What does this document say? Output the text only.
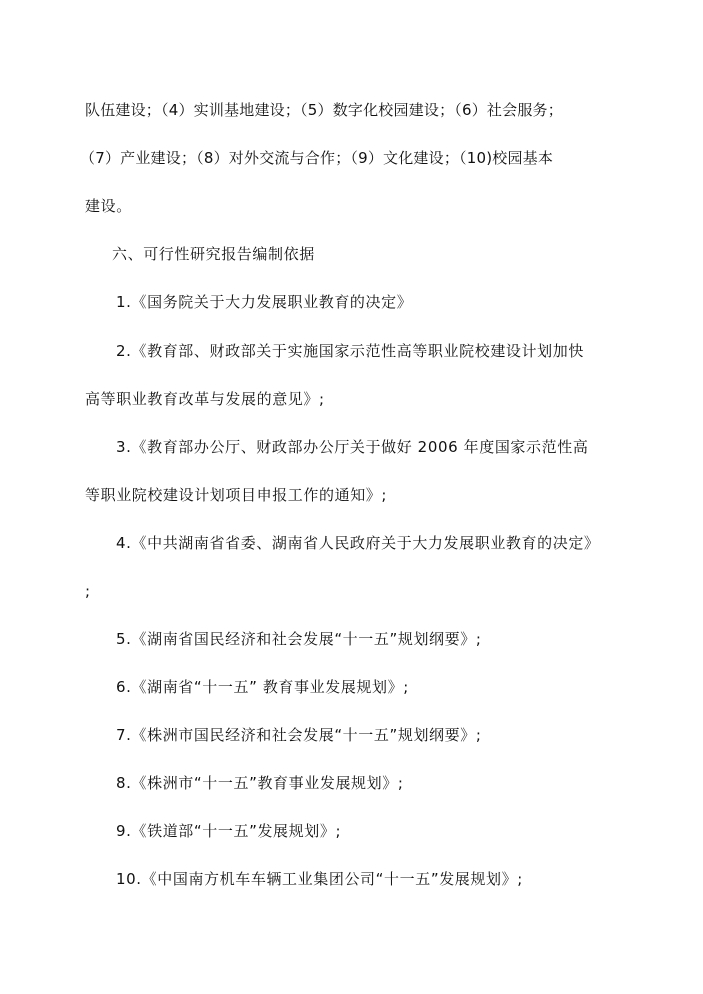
队伍建设；（4）实训基地建设；（5）数字化校园建设；（6）社会服务；
（7）产业建设；（8）对外交流与合作；（9）文化建设；（10)校园基本
建设。
六、可行性研究报告编制依据
1.《国务院关于大力发展职业教育的决定》
2.《教育部、财政部关于实施国家示范性高等职业院校建设计划加快
高等职业教育改革与发展的意见》;
3.《教育部办公厅、财政部办公厅关于做好 2006 年度国家示范性高
等职业院校建设计划项目申报工作的通知》;
4.《中共湖南省省委、湖南省人民政府关于大力发展职业教育的决定》
;
5.《湖南省国民经济和社会发展“十一五”规划纲要》;
6.《湖南省“十一五” 教育事业发展规划》;
7.《株洲市国民经济和社会发展“十一五”规划纲要》;
8.《株洲市“十一五”教育事业发展规划》;
9.《铁道部“十一五”发展规划》;
10.《中国南方机车车辆工业集团公司“十一五”发展规划》;
